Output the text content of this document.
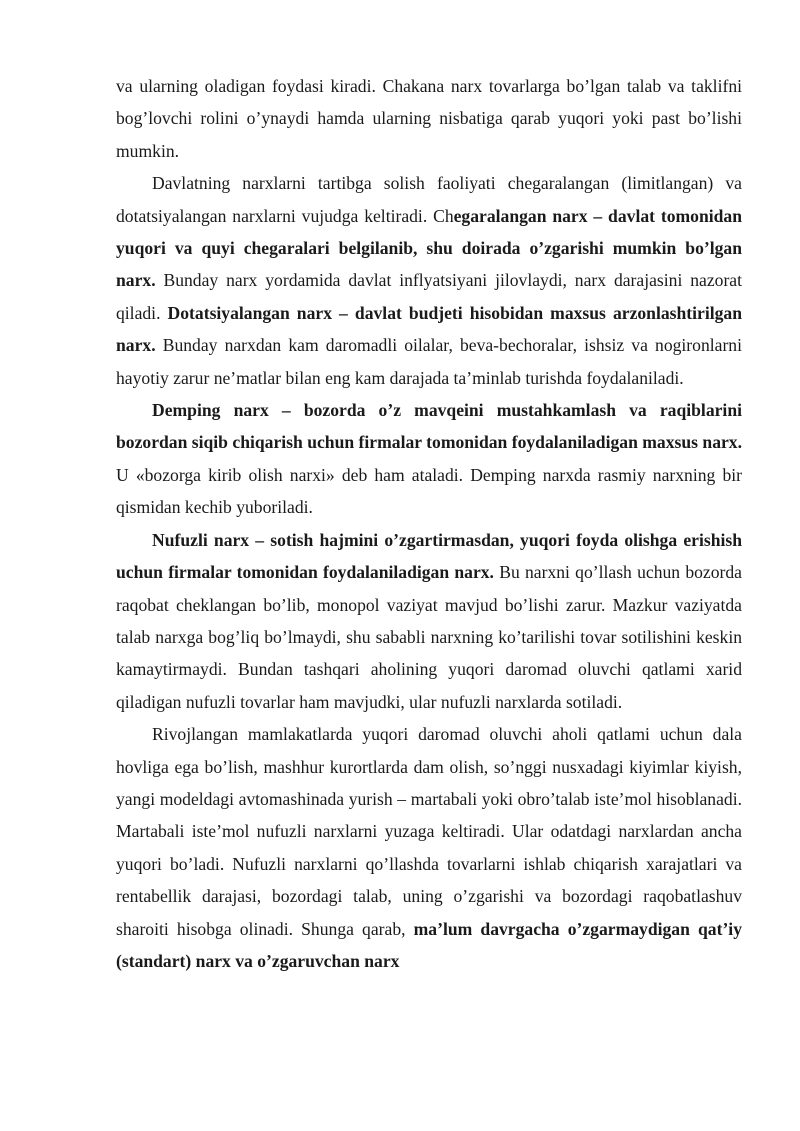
va ularning oladigan foydasi kiradi. Chakana narx tovarlarga bo’lgan talab va taklifni bog’lovchi rolini o’ynaydi hamda ularning nisbatiga qarab yuqori yoki past bo’lishi mumkin.

Davlatning narxlarni tartibga solish faoliyati chegaralangan (limitlangan) va dotatsiyalangan narxlarni vujudga keltiradi. Chegaralangan narx – davlat tomonidan yuqori va quyi chegaralari belgilanib, shu doirada o’zgarishi mumkin bo’lgan narx. Bunday narx yordamida davlat inflyatsiyani jilovlaydi, narx darajasini nazorat qiladi. Dotatsiyalangan narx – davlat budjeti hisobidan maxsus arzonlashtirilgan narx. Bunday narxdan kam daromadli oilalar, beva-bechoralar, ishsiz va nogironlarni hayotiy zarur ne’matlar bilan eng kam darajada ta’minlab turishda foydalaniladi.

Demping narx – bozorda o’z mavqeini mustahkamlash va raqiblarini bozordan siqib chiqarish uchun firmalar tomonidan foydalaniladigan maxsus narx. U «bozorga kirib olish narxi» deb ham ataladi. Demping narxda rasmiy narxning bir qismidan kechib yuboriladi.

Nufuzli narx – sotish hajmini o’zgartirmasdan, yuqori foyda olishga erishish uchun firmalar tomonidan foydalaniladigan narx. Bu narxni qo’llash uchun bozorda raqobat cheklangan bo’lib, monopol vaziyat mavjud bo’lishi zarur. Mazkur vaziyatda talab narxga bog’liq bo’lmaydi, shu sababli narxning ko’tarilishi tovar sotilishini keskin kamaytirmaydi. Bundan tashqari aholining yuqori daromad oluvchi qatlami xarid qiladigan nufuzli tovarlar ham mavjudki, ular nufuzli narxlarda sotiladi.

Rivojlangan mamlakatlarda yuqori daromad oluvchi aholi qatlami uchun dala hovliga ega bo’lish, mashhur kurortlarda dam olish, so’nggi nusxadagi kiyimlar kiyish, yangi modeldagi avtomashinada yurish – martabali yoki obro’talab iste’mol hisoblanadi. Martabali iste’mol nufuzli narxlarni yuzaga keltiradi. Ular odatdagi narxlardan ancha yuqori bo’ladi. Nufuzli narxlarni qo’llashda tovarlarni ishlab chiqarish xarajatlari va rentabellik darajasi, bozordagi talab, uning o’zgarishi va bozordagi raqobatlashuv sharoiti hisobga olinadi. Shunga qarab, ma’lum davrgacha o’zgarmaydigan qat’iy (standart) narx va o’zgaruvchan narx
